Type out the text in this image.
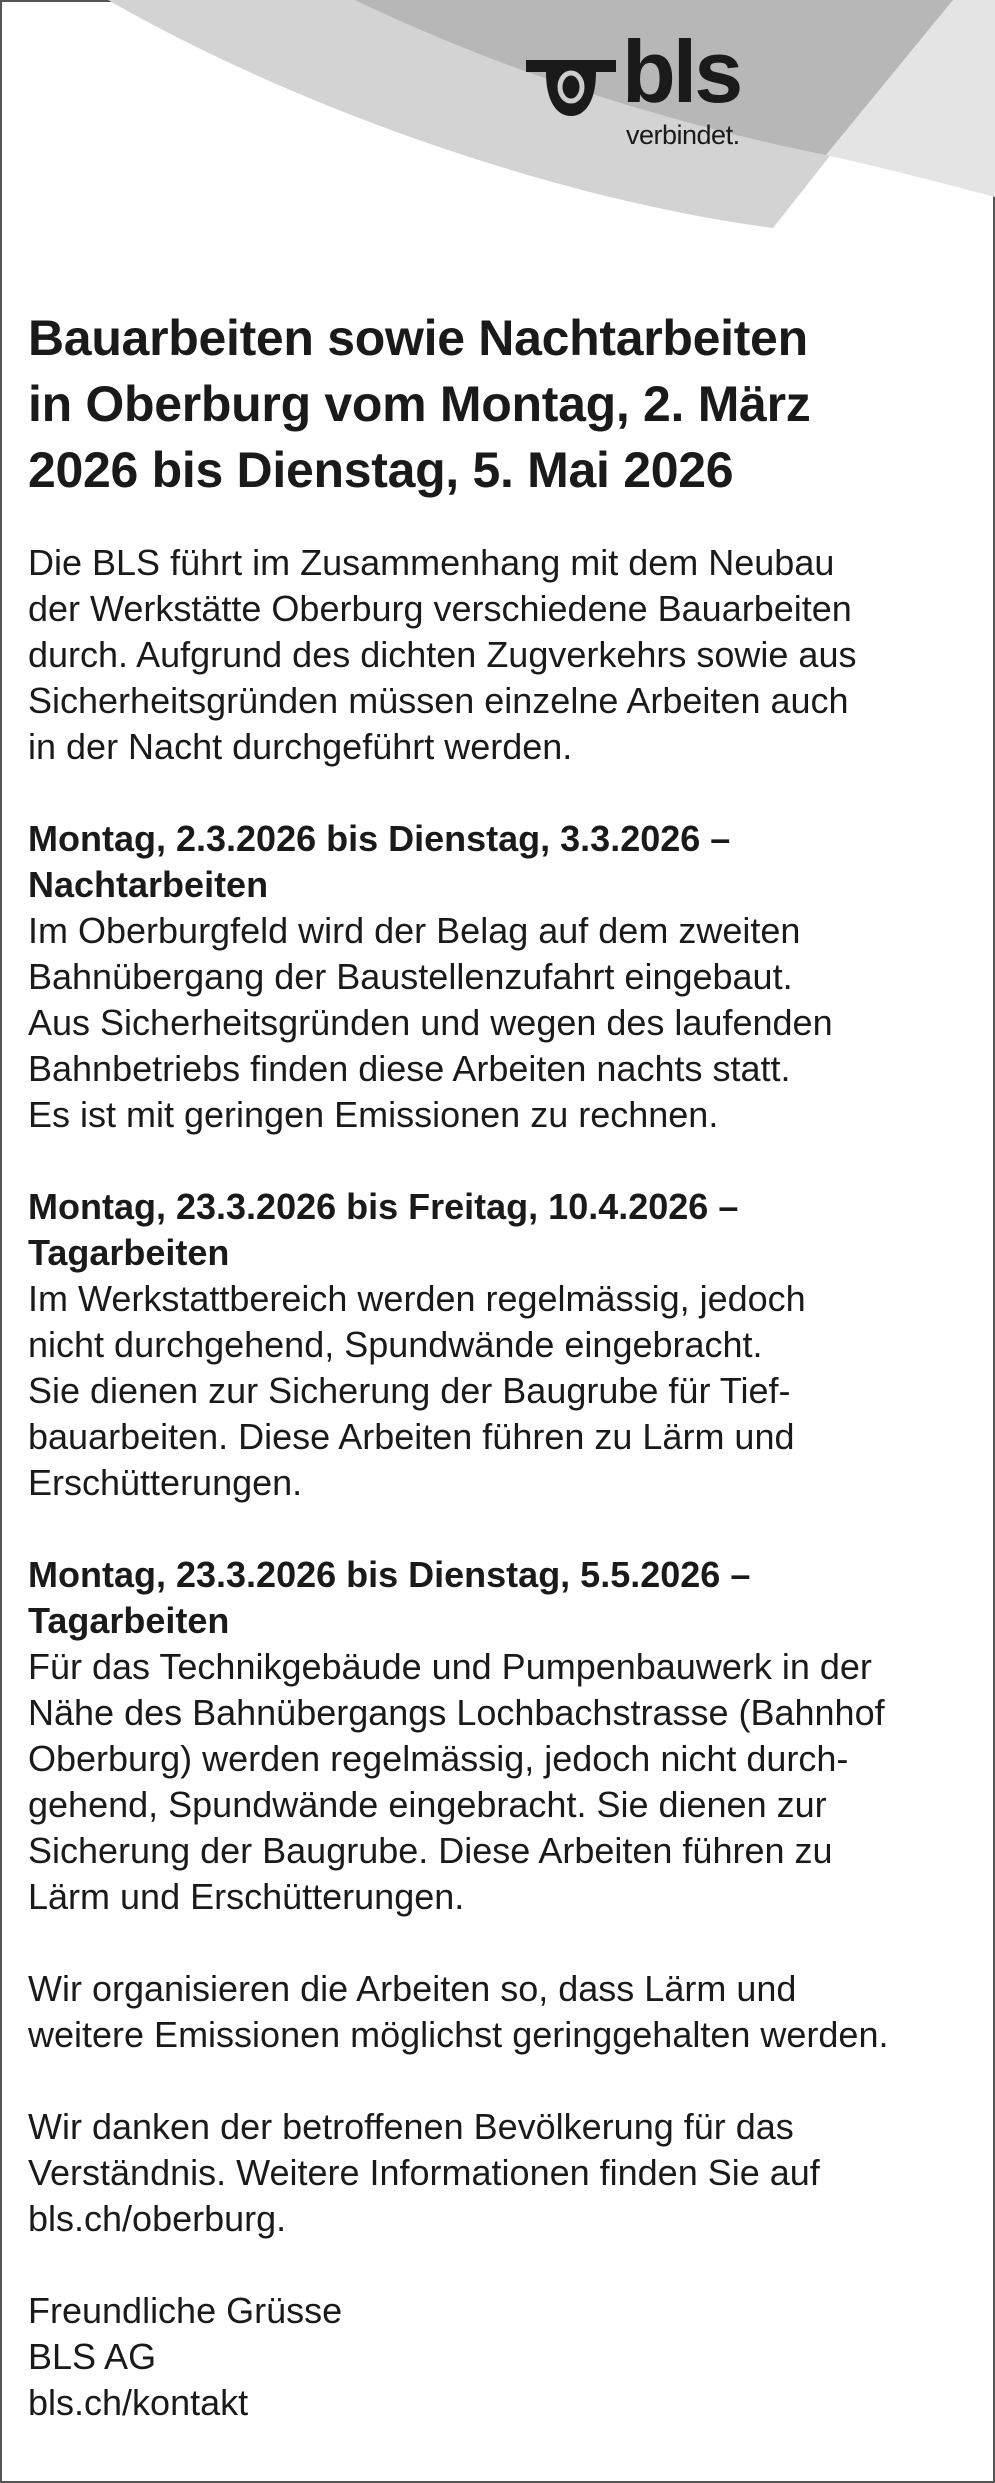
bls
verbindet.
Bauarbeiten sowie Nachtarbeiten
in Oberburg vom Montag, 2. März
2026 bis Dienstag, 5. Mai 2026
Die BLS führt im Zusammenhang mit dem Neubau
der Werkstätte Oberburg verschiedene Bauarbeiten
durch. Aufgrund des dichten Zugverkehrs sowie aus
Sicherheitsgründen müssen einzelne Arbeiten auch
in der Nacht durchgeführt werden.
Montag, 2.3.2026 bis Dienstag, 3.3.2026 –
Nachtarbeiten
Im Oberburgfeld wird der Belag auf dem zweiten
Bahnübergang der Baustellenzufahrt eingebaut.
Aus Sicherheitsgründen und wegen des laufenden
Bahnbetriebs finden diese Arbeiten nachts statt.
Es ist mit geringen Emissionen zu rechnen.
Montag, 23.3.2026 bis Freitag, 10.4.2026 –
Tagarbeiten
Im Werkstattbereich werden regelmässig, jedoch
nicht durchgehend, Spundwände eingebracht.
Sie dienen zur Sicherung der Baugrube für Tief-
bauarbeiten. Diese Arbeiten führen zu Lärm und
Erschütterungen.
Montag, 23.3.2026 bis Dienstag, 5.5.2026 –
Tagarbeiten
Für das Technikgebäude und Pumpenbauwerk in der
Nähe des Bahnübergangs Lochbachstrasse (Bahnhof
Oberburg) werden regelmässig, jedoch nicht durch-
gehend, Spundwände eingebracht. Sie dienen zur
Sicherung der Baugrube. Diese Arbeiten führen zu
Lärm und Erschütterungen.
Wir organisieren die Arbeiten so, dass Lärm und
weitere Emissionen möglichst geringgehalten werden.
Wir danken der betroffenen Bevölkerung für das
Verständnis. Weitere Informationen finden Sie auf
bls.ch/oberburg.
Freundliche Grüsse
BLS AG
bls.ch/kontakt
